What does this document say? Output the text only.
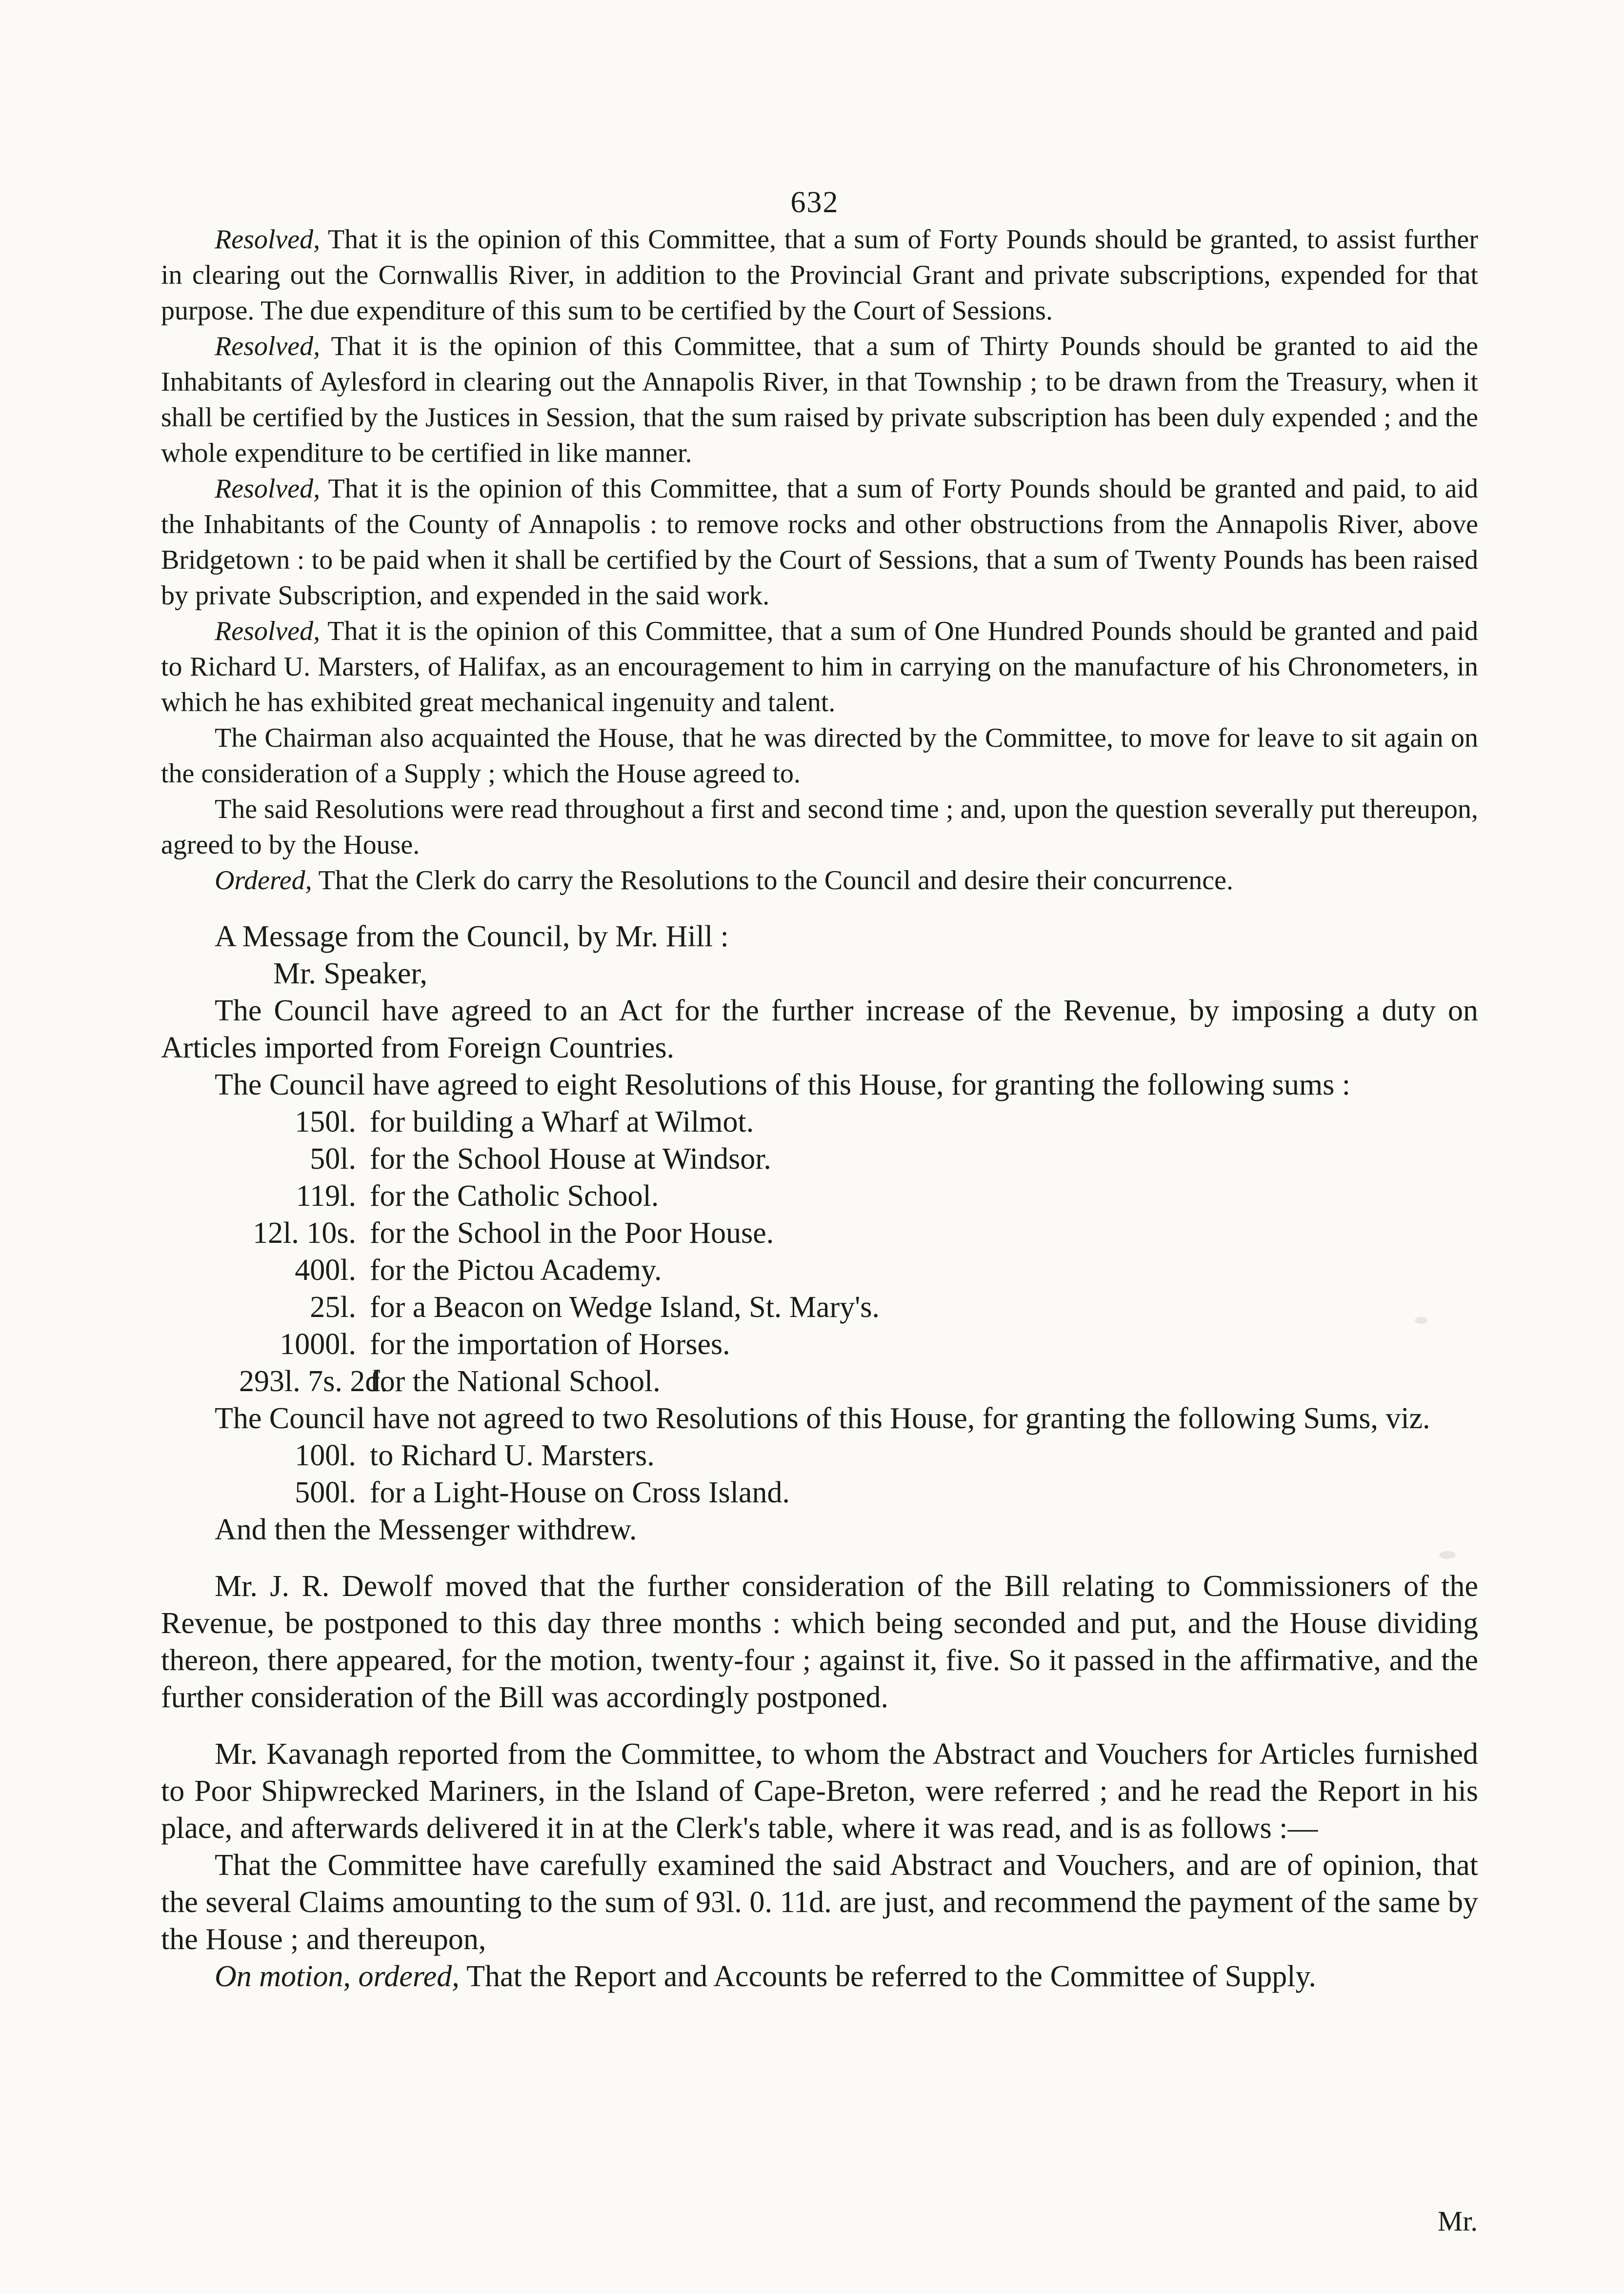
632

Resolved, That it is the opinion of this Committee, that a sum of Forty Pounds should be granted, to assist further in clearing out the Cornwallis River, in addition to the Provincial Grant and private subscriptions, expended for that purpose. The due expenditure of this sum to be certified by the Court of Sessions.

Resolved, That it is the opinion of this Committee, that a sum of Thirty Pounds should be granted to aid the Inhabitants of Aylesford in clearing out the Annapolis River, in that Township ; to be drawn from the Treasury, when it shall be certified by the Justices in Session, that the sum raised by private subscription has been duly expended ; and the whole expenditure to be certified in like manner.

Resolved, That it is the opinion of this Committee, that a sum of Forty Pounds should be granted and paid, to aid the Inhabitants of the County of Annapolis : to remove rocks and other obstructions from the Annapolis River, above Bridgetown : to be paid when it shall be certified by the Court of Sessions, that a sum of Twenty Pounds has been raised by private Subscription, and expended in the said work.

Resolved, That it is the opinion of this Committee, that a sum of One Hundred Pounds should be granted and paid to Richard U. Marsters, of Halifax, as an encouragement to him in carrying on the manufacture of his Chronometers, in which he has exhibited great mechanical ingenuity and talent.

The Chairman also acquainted the House, that he was directed by the Committee, to move for leave to sit again on the consideration of a Supply ; which the House agreed to.

The said Resolutions were read throughout a first and second time ; and, upon the question severally put thereupon, agreed to by the House.

Ordered, That the Clerk do carry the Resolutions to the Council and desire their concurrence.

A Message from the Council, by Mr. Hill :

Mr. Speaker,

The Council have agreed to an Act for the further increase of the Revenue, by imposing a duty on Articles imported from Foreign Countries.

The Council have agreed to eight Resolutions of this House, for granting the following sums :

150l. for building a Wharf at Wilmot.

50l. for the School House at Windsor.

119l. for the Catholic School.

12l. 10s. for the School in the Poor House.

400l. for the Pictou Academy.

25l. for a Beacon on Wedge Island, St. Mary's.

1000l. for the importation of Horses.

293l. 7s. 2d.for the National School.

The Council have not agreed to two Resolutions of this House, for granting the following Sums, viz.

100l. to Richard U. Marsters.

500l. for a Light-House on Cross Island.

And then the Messenger withdrew.

Mr. J. R. Dewolf moved that the further consideration of the Bill relating to Commissioners of the Revenue, be postponed to this day three months : which being seconded and put, and the House dividing thereon, there appeared, for the motion, twenty-four ; against it, five. So it passed in the affirmative, and the further consideration of the Bill was accordingly postponed.

Mr. Kavanagh reported from the Committee, to whom the Abstract and Vouchers for Articles furnished to Poor Shipwrecked Mariners, in the Island of Cape-Breton, were referred ; and he read the Report in his place, and afterwards delivered it in at the Clerk's table, where it was read, and is as follows :—

That the Committee have carefully examined the said Abstract and Vouchers, and are of opinion, that the several Claims amounting to the sum of 93l. 0. 11d. are just, and recommend the payment of the same by the House ; and thereupon,

On motion, ordered, That the Report and Accounts be referred to the Committee of Supply.

Mr.
